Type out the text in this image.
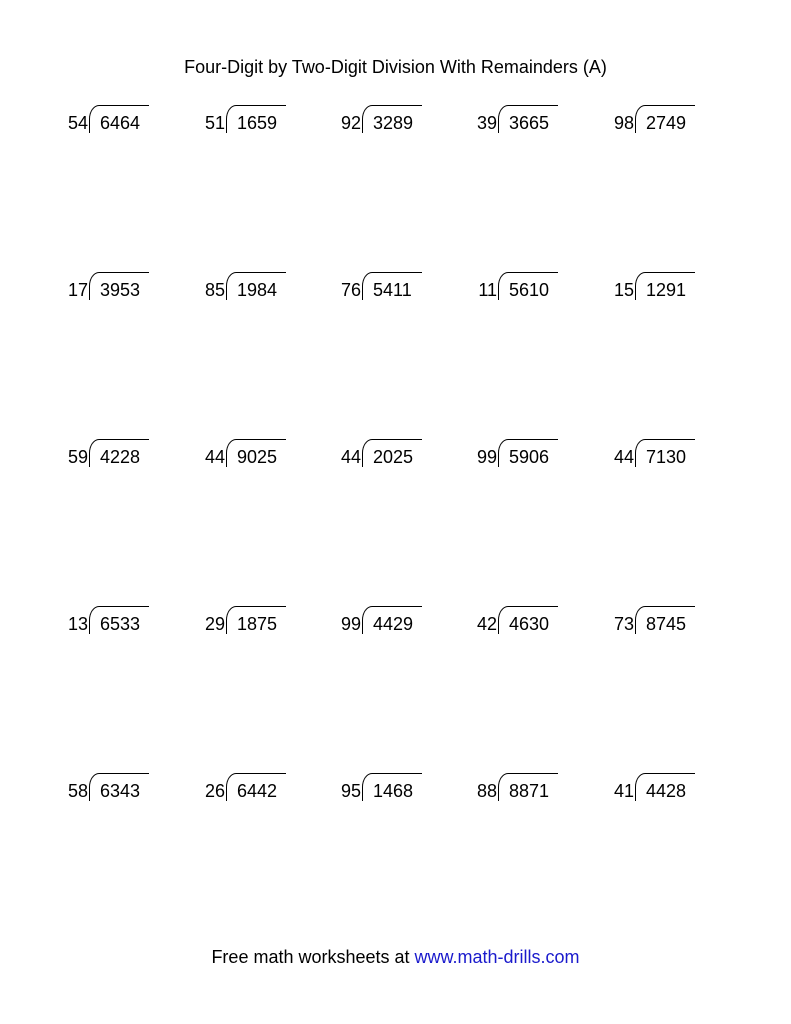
Four-Digit by Two-Digit Division With Remainders (A)
54 6464	51 1659	92 3289	39 3665	98 2749
17 3953	85 1984	76 5411	11 5610	15 1291
59 4228	44 9025	44 2025	99 5906	44 7130
13 6533	29 1875	99 4429	42 4630	73 8745
58 6343	26 6442	95 1468	88 8871	41 4428
Free math worksheets at www.math-drills.com
